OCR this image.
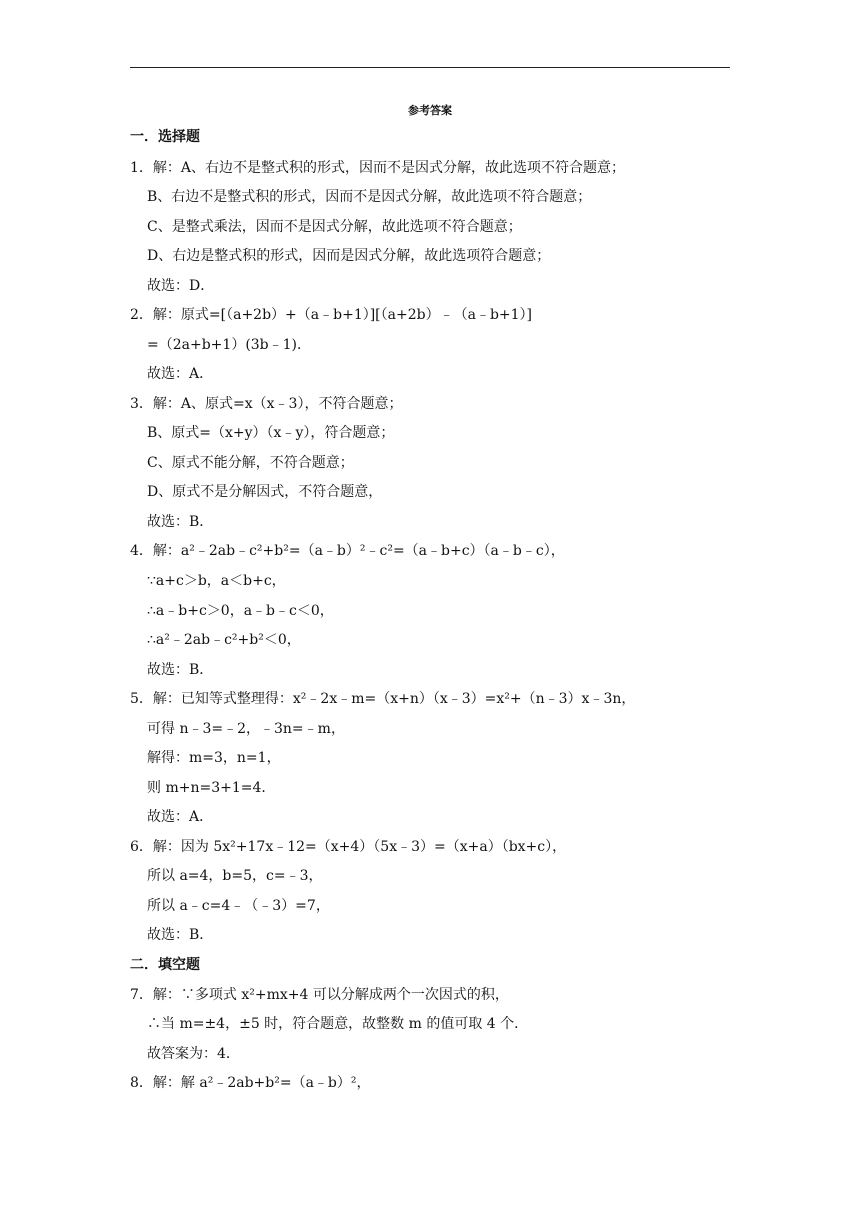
参考答案
一．选择题
1．解：A、右边不是整式积的形式，因而不是因式分解，故此选项不符合题意；
B、右边不是整式积的形式，因而不是因式分解，故此选项不符合题意；
C、是整式乘法，因而不是因式分解，故此选项不符合题意；
D、右边是整式积的形式，因而是因式分解，故此选项符合题意；
故选：D．
2．解：原式=[（a+2b）+（a﹣b+1）][（a+2b）﹣（a﹣b+1）]
=（2a+b+1）(3b﹣1)．
故选：A．
3．解：A、原式=x（x﹣3），不符合题意；
B、原式=（x+y）（x﹣y），符合题意；
C、原式不能分解，不符合题意；
D、原式不是分解因式，不符合题意，
故选：B．
4．解：a²﹣2ab﹣c²+b²=（a﹣b）²﹣c²=（a﹣b+c）（a﹣b﹣c），
∵a+c＞b，a＜b+c，
∴a﹣b+c＞0，a﹣b﹣c＜0，
∴a²﹣2ab﹣c²+b²＜0，
故选：B．
5．解：已知等式整理得：x²﹣2x﹣m=（x+n）（x﹣3）=x²+（n﹣3）x﹣3n，
可得 n﹣3=﹣2，﹣3n=﹣m，
解得：m=3，n=1，
则 m+n=3+1=4．
故选：A．
6．解：因为 5x²+17x﹣12=（x+4）（5x﹣3）=（x+a）（bx+c），
所以 a=4，b=5，c=﹣3，
所以 a﹣c=4﹣（﹣3）=7，
故选：B．
二．填空题
7．解：∵多项式 x²+mx+4 可以分解成两个一次因式的积，
∴当 m=±4，±5 时，符合题意，故整数 m 的值可取 4 个．
故答案为：4．
8．解：解 a²﹣2ab+b²=（a﹣b）²，
